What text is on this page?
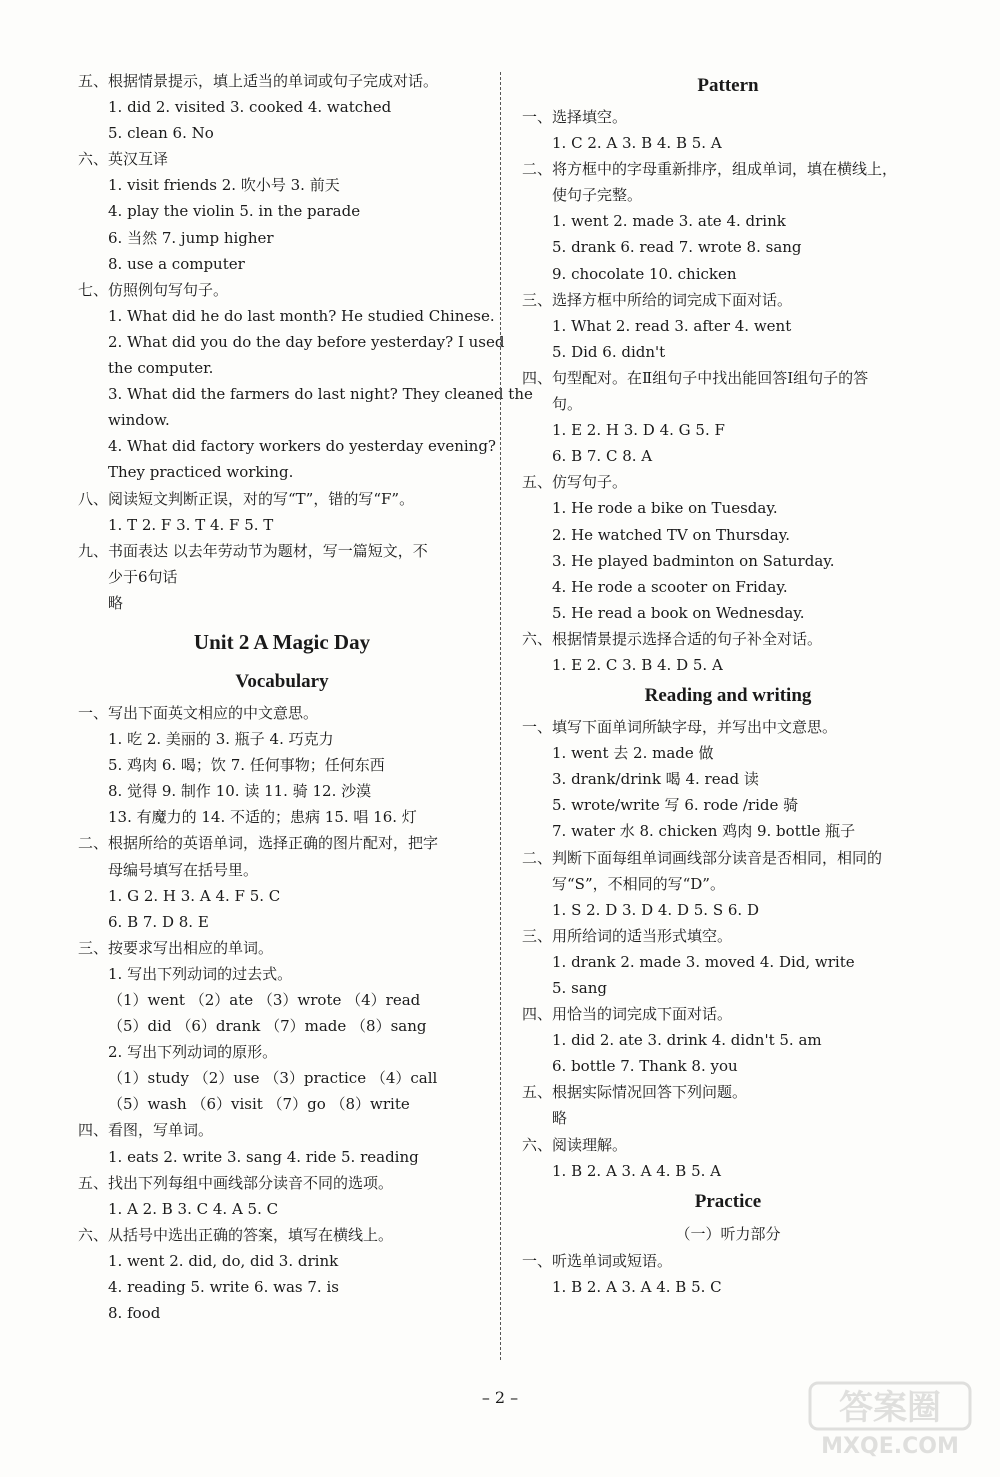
五、根据情景提示，填上适当的单词或句子完成对话。
1. did 2. visited 3. cooked 4. watched
5. clean 6. No
六、英汉互译
1. visit friends 2. 吹小号 3. 前天
4. play the violin 5. in the parade
6. 当然 7. jump higher
8. use a computer
七、仿照例句写句子。
1. What did he do last month? He studied Chinese.
2. What did you do the day before yesterday? I used
the computer.
3. What did the farmers do last night? They cleaned the
window.
4. What did factory workers do yesterday evening?
They practiced working.
八、阅读短文判断正误，对的写“T”，错的写“F”。
1. T 2. F 3. T 4. F 5. T
九、书面表达 以去年劳动节为题材，写一篇短文，不
少于6句话
略
Unit 2 A Magic Day
Vocabulary
一、写出下面英文相应的中文意思。
1. 吃 2. 美丽的 3. 瓶子 4. 巧克力
5. 鸡肉 6. 喝；饮 7. 任何事物；任何东西
8. 觉得 9. 制作 10. 读 11. 骑 12. 沙漠
13. 有魔力的 14. 不适的；患病 15. 唱 16. 灯
二、根据所给的英语单词，选择正确的图片配对，把字
母编号填写在括号里。
1. G 2. H 3. A 4. F 5. C
6. B 7. D 8. E
三、按要求写出相应的单词。
1. 写出下列动词的过去式。
（1）went （2）ate （3）wrote （4）read
（5）did （6）drank （7）made （8）sang
2. 写出下列动词的原形。
（1）study （2）use （3）practice （4）call
（5）wash （6）visit （7）go （8）write
四、看图，写单词。
1. eats 2. write 3. sang 4. ride 5. reading
五、找出下列每组中画线部分读音不同的选项。
1. A 2. B 3. C 4. A 5. C
六、从括号中选出正确的答案，填写在横线上。
1. went 2. did, do, did 3. drink
4. reading 5. write 6. was 7. is
8. food
Pattern
一、选择填空。
1. C 2. A 3. B 4. B 5. A
二、将方框中的字母重新排序，组成单词，填在横线上，
使句子完整。
1. went 2. made 3. ate 4. drink
5. drank 6. read 7. wrote 8. sang
9. chocolate 10. chicken
三、选择方框中所给的词完成下面对话。
1. What 2. read 3. after 4. went
5. Did 6. didn't
四、句型配对。在Ⅱ组句子中找出能回答Ⅰ组句子的答
句。
1. E 2. H 3. D 4. G 5. F
6. B 7. C 8. A
五、仿写句子。
1. He rode a bike on Tuesday.
2. He watched TV on Thursday.
3. He played badminton on Saturday.
4. He rode a scooter on Friday.
5. He read a book on Wednesday.
六、根据情景提示选择合适的句子补全对话。
1. E 2. C 3. B 4. D 5. A
Reading and writing
一、填写下面单词所缺字母，并写出中文意思。
1. went 去 2. made 做
3. drank/drink 喝 4. read 读
5. wrote/write 写 6. rode /ride 骑
7. water 水 8. chicken 鸡肉 9. bottle 瓶子
二、判断下面每组单词画线部分读音是否相同，相同的
写“S”，不相同的写“D”。
1. S 2. D 3. D 4. D 5. S 6. D
三、用所给词的适当形式填空。
1. drank 2. made 3. moved 4. Did, write
5. sang
四、用恰当的词完成下面对话。
1. did 2. ate 3. drink 4. didn't 5. am
6. bottle 7. Thank 8. you
五、根据实际情况回答下列问题。
略
六、阅读理解。
1. B 2. A 3. A 4. B 5. A
Practice
（一）听力部分
一、听选单词或短语。
1. B 2. A 3. A 4. B 5. C
– 2 –	答案圈
MXQE.COM
